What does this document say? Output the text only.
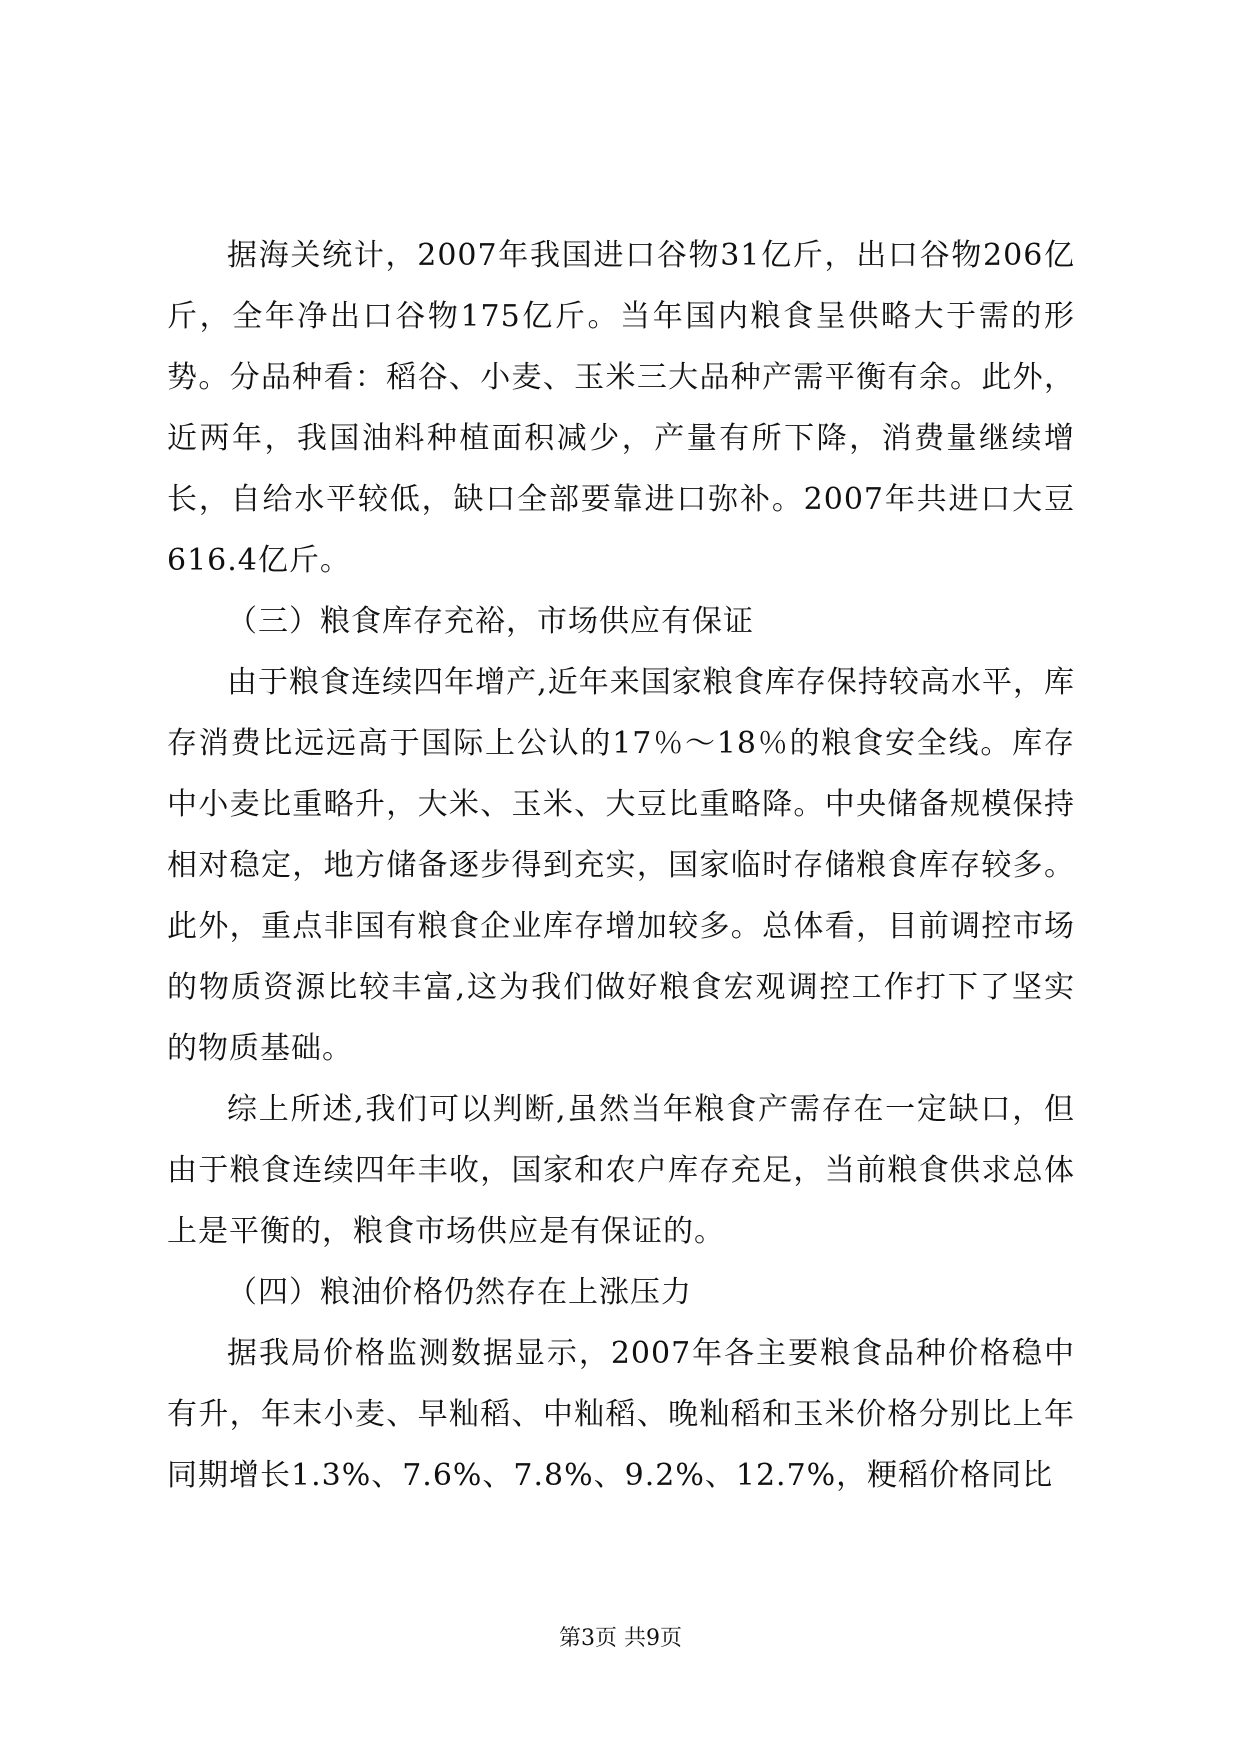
据海关统计，2007年我国进口谷物31亿斤，出口谷物206亿斤，全年净出口谷物175亿斤。当年国内粮食呈供略大于需的形势。分品种看：稻谷、小麦、玉米三大品种产需平衡有余。此外，近两年，我国油料种植面积减少，产量有所下降，消费量继续增长，自给水平较低，缺口全部要靠进口弥补。2007年共进口大豆616.4亿斤。

（三）粮食库存充裕，市场供应有保证

由于粮食连续四年增产,近年来国家粮食库存保持较高水平，库存消费比远远高于国际上公认的17％～18％的粮食安全线。库存中小麦比重略升，大米、玉米、大豆比重略降。中央储备规模保持相对稳定，地方储备逐步得到充实，国家临时存储粮食库存较多。此外，重点非国有粮食企业库存增加较多。总体看，目前调控市场的物质资源比较丰富,这为我们做好粮食宏观调控工作打下了坚实的物质基础。

综上所述,我们可以判断,虽然当年粮食产需存在一定缺口，但由于粮食连续四年丰收，国家和农户库存充足，当前粮食供求总体上是平衡的，粮食市场供应是有保证的。

（四）粮油价格仍然存在上涨压力

据我局价格监测数据显示，2007年各主要粮食品种价格稳中有升，年末小麦、早籼稻、中籼稻、晚籼稻和玉米价格分别比上年同期增长1.3%、7.6%、7.8%、9.2%、12.7%，粳稻价格同比

第3页 共9页
